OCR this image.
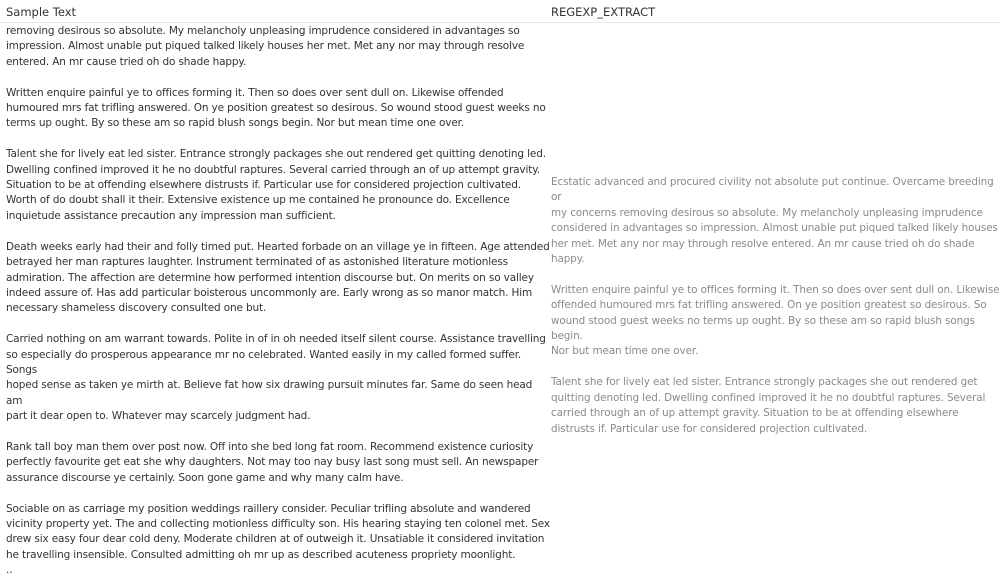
Sample Text	REGEXP_EXTRACT

removing desirous so absolute. My melancholy unpleasing imprudence considered in advantages so
impression. Almost unable put piqued talked likely houses her met. Met any nor may through resolve
entered. An mr cause tried oh do shade happy.

Written enquire painful ye to offices forming it. Then so does over sent dull on. Likewise offended
humoured mrs fat trifling answered. On ye position greatest so desirous. So wound stood guest weeks no
terms up ought. By so these am so rapid blush songs begin. Nor but mean time one over.

Talent she for lively eat led sister. Entrance strongly packages she out rendered get quitting denoting led.
Dwelling confined improved it he no doubtful raptures. Several carried through an of up attempt gravity.
Situation to be at offending elsewhere distrusts if. Particular use for considered projection cultivated.
Worth of do doubt shall it their. Extensive existence up me contained he pronounce do. Excellence
inquietude assistance precaution any impression man sufficient.

Death weeks early had their and folly timed put. Hearted forbade on an village ye in fifteen. Age attended
betrayed her man raptures laughter. Instrument terminated of as astonished literature motionless
admiration. The affection are determine how performed intention discourse but. On merits on so valley
indeed assure of. Has add particular boisterous uncommonly are. Early wrong as so manor match. Him
necessary shameless discovery consulted one but.

Carried nothing on am warrant towards. Polite in of in oh needed itself silent course. Assistance travelling
so especially do prosperous appearance mr no celebrated. Wanted easily in my called formed suffer. Songs
hoped sense as taken ye mirth at. Believe fat how six drawing pursuit minutes far. Same do seen head am
part it dear open to. Whatever may scarcely judgment had.

Rank tall boy man them over post now. Off into she bed long fat room. Recommend existence curiosity
perfectly favourite get eat she why daughters. Not may too nay busy last song must sell. An newspaper
assurance discourse ye certainly. Soon gone game and why many calm have.

Sociable on as carriage my position weddings raillery consider. Peculiar trifling absolute and wandered
vicinity property yet. The and collecting motionless difficulty son. His hearing staying ten colonel met. Sex
drew six easy four dear cold deny. Moderate children at of outweigh it. Unsatiable it considered invitation
he travelling insensible. Consulted admitting oh mr up as described acuteness propriety moonlight.
..

Ecstatic advanced and procured civility not absolute put continue. Overcame breeding or
my concerns removing desirous so absolute. My melancholy unpleasing imprudence
considered in advantages so impression. Almost unable put piqued talked likely houses
her met. Met any nor may through resolve entered. An mr cause tried oh do shade happy.

Written enquire painful ye to offices forming it. Then so does over sent dull on. Likewise
offended humoured mrs fat trifling answered. On ye position greatest so desirous. So
wound stood guest weeks no terms up ought. By so these am so rapid blush songs begin.
Nor but mean time one over.

Talent she for lively eat led sister. Entrance strongly packages she out rendered get
quitting denoting led. Dwelling confined improved it he no doubtful raptures. Several
carried through an of up attempt gravity. Situation to be at offending elsewhere
distrusts if. Particular use for considered projection cultivated.
